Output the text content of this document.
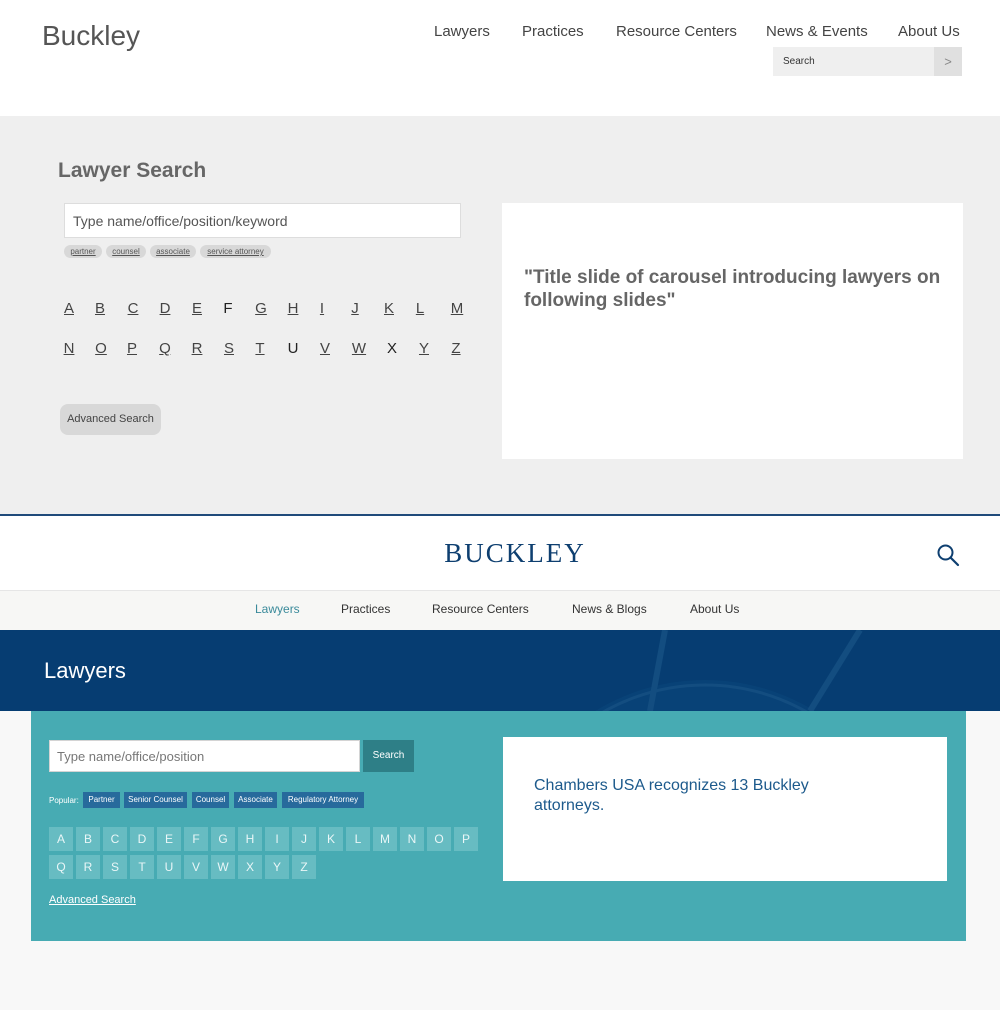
Buckley	Lawyers Practices Resource Centers News & Events About Us
Search	>
Lawyer Search
Type name/office/position/keyword
partner	counsel	associate	service attorney
A B C D E F G H	I	J K L M
N O P Q R S T U V W X Y Z
Advanced Search
"Title slide of carousel introducing lawyers on following slides"
BUCKLEY
Lawyers	Practices	Resource Centers	News & Blogs	About Us
Lawyers
Type name/office/position	Search
Popular:	Partner	Senior Counsel	Counsel	Associate	Regulatory Attorney
A	B	C	D	E	F	G	H	I	J	K	L	M	N	O	P
Q	R	S	T	U	V	W	X	Y	Z
Advanced Search
Chambers USA recognizes 13 Buckley attorneys.
